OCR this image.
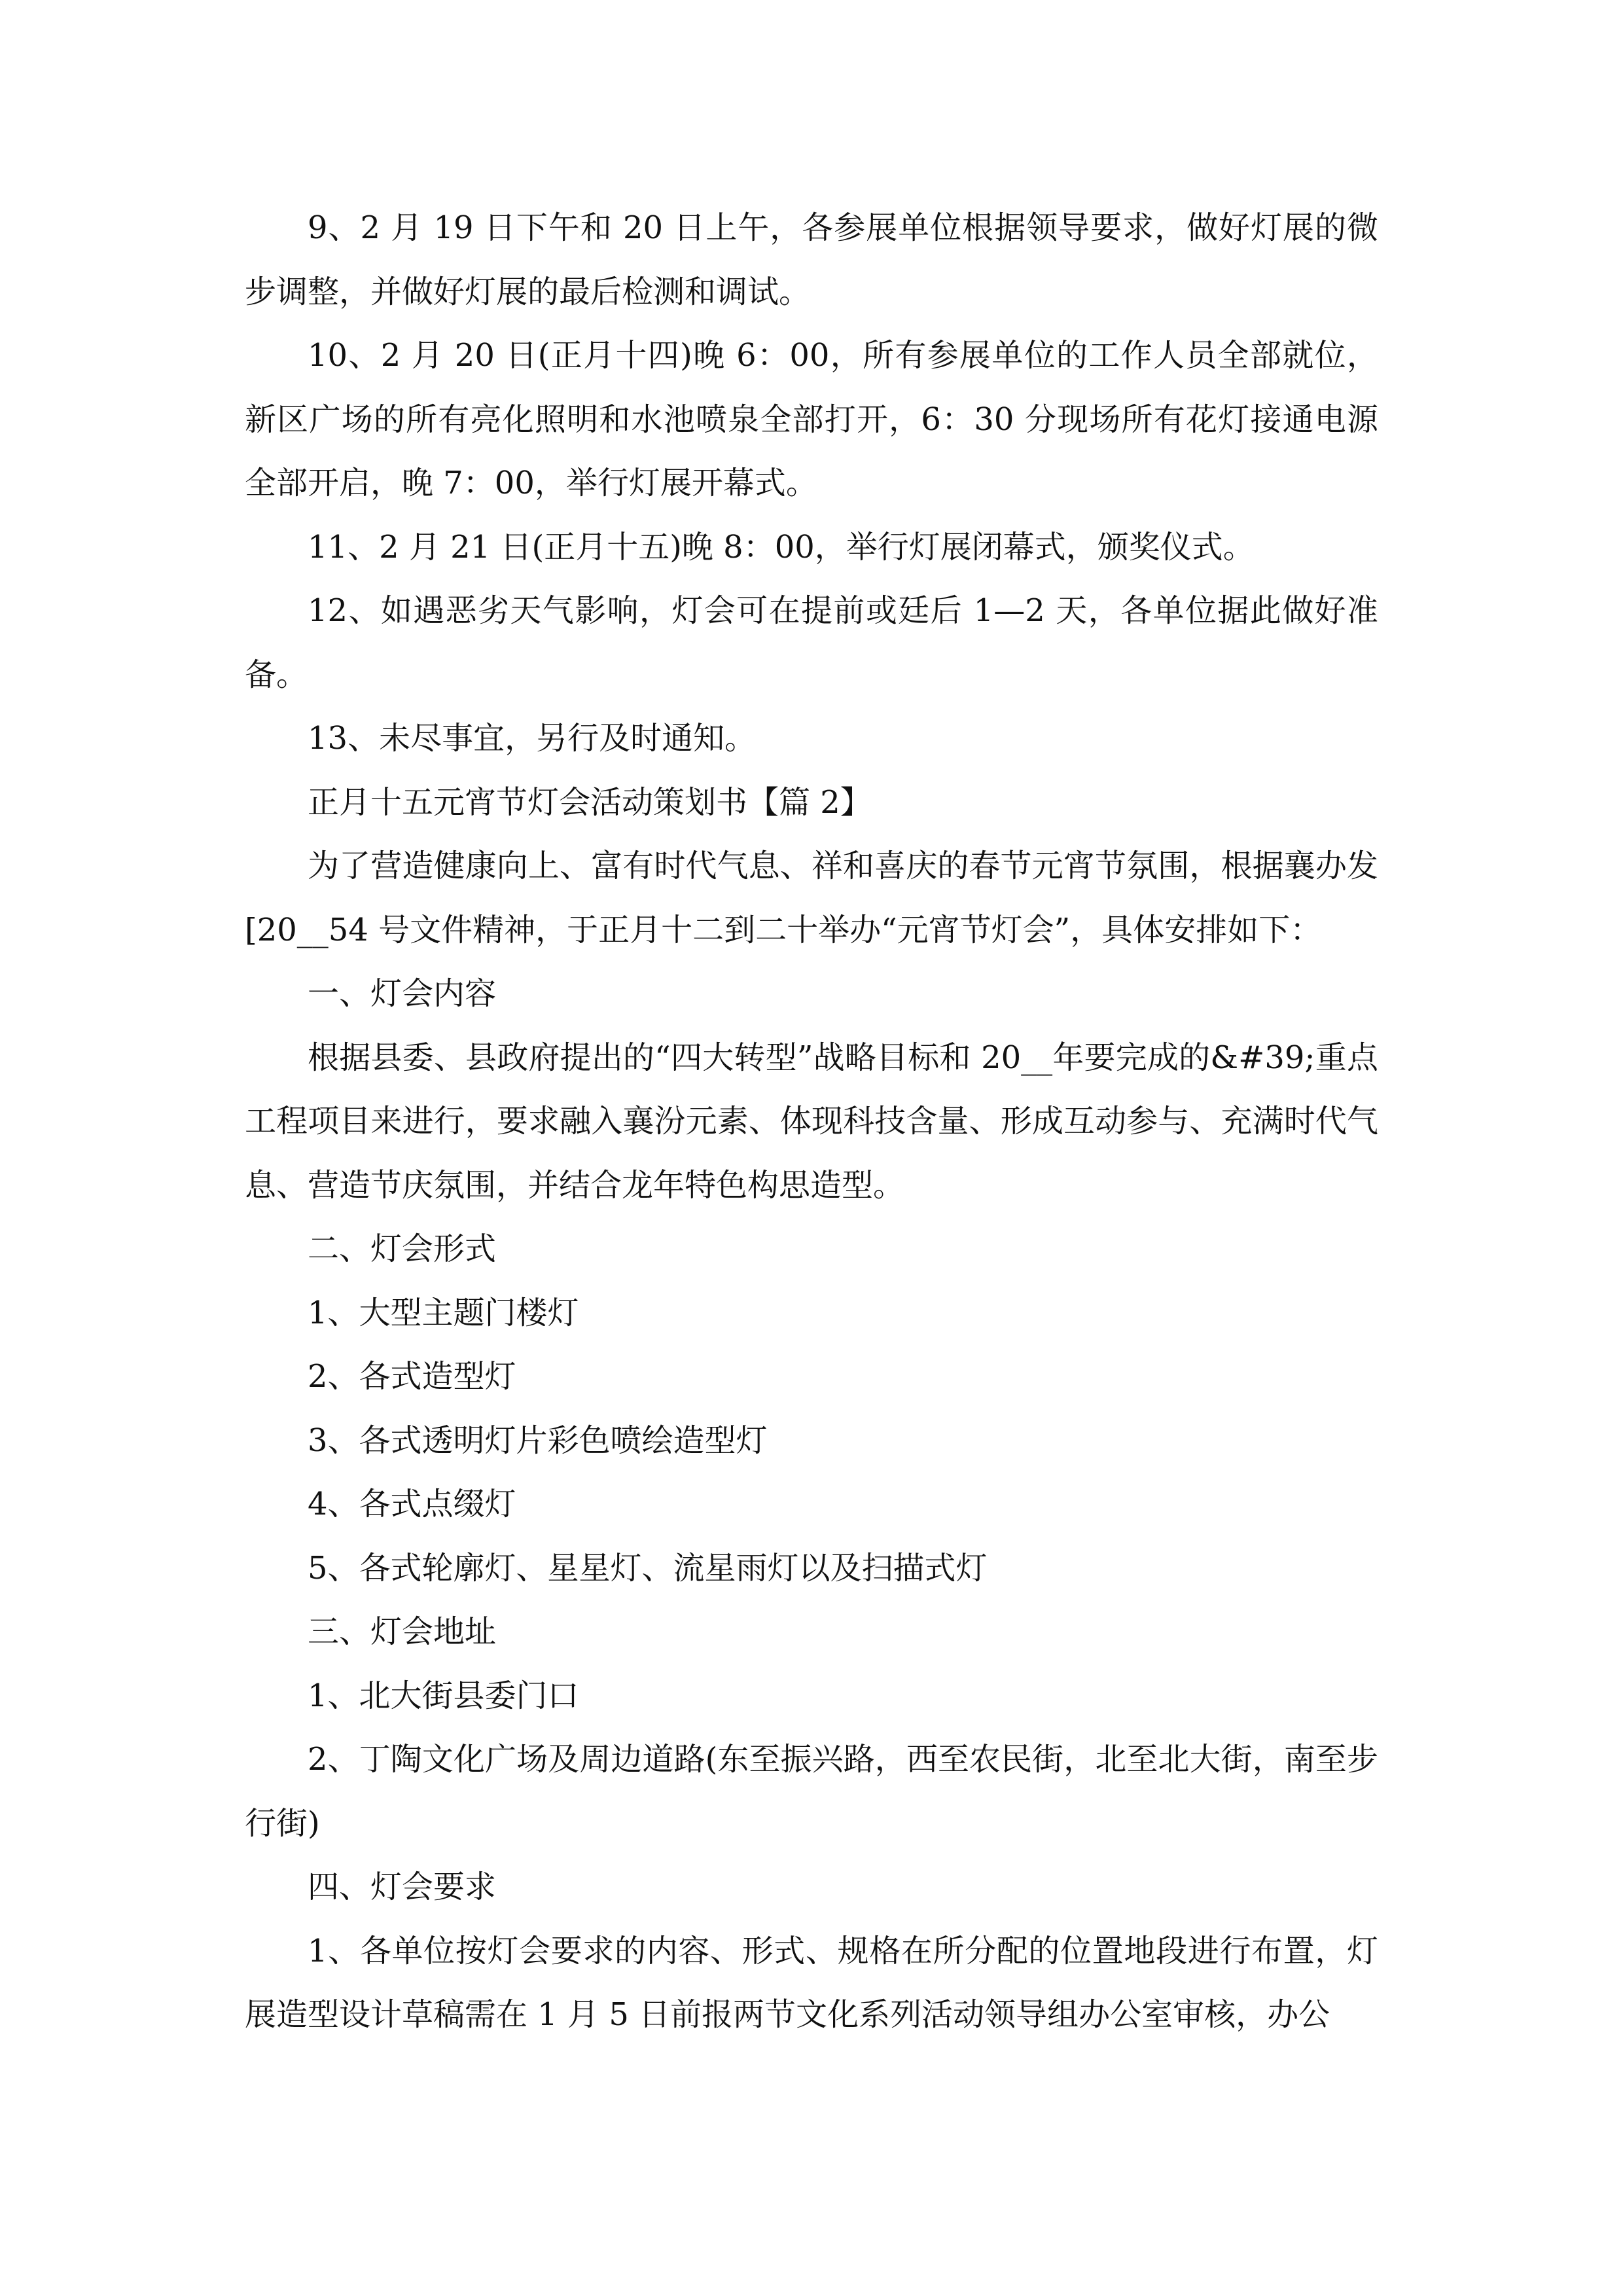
9、2 月 19 日下午和 20 日上午，各参展单位根据领导要求，做好灯展的微步调整，并做好灯展的最后检测和调试。

10、2 月 20 日(正月十四)晚 6：00，所有参展单位的工作人员全部就位，新区广场的所有亮化照明和水池喷泉全部打开，6：30 分现场所有花灯接通电源全部开启，晚 7：00，举行灯展开幕式。

11、2 月 21 日(正月十五)晚 8：00，举行灯展闭幕式，颁奖仪式。

12、如遇恶劣天气影响，灯会可在提前或廷后 1—2 天，各单位据此做好准备。

13、未尽事宜，另行及时通知。

正月十五元宵节灯会活动策划书【篇 2】

为了营造健康向上、富有时代气息、祥和喜庆的春节元宵节氛围，根据襄办发[20__54 号文件精神，于正月十二到二十举办“元宵节灯会”，具体安排如下：

一、灯会内容

根据县委、县政府提出的“四大转型”战略目标和 20__年要完成的&#39;重点工程项目来进行，要求融入襄汾元素、体现科技含量、形成互动参与、充满时代气息、营造节庆氛围，并结合龙年特色构思造型。

二、灯会形式

1、大型主题门楼灯

2、各式造型灯

3、各式透明灯片彩色喷绘造型灯

4、各式点缀灯

5、各式轮廓灯、星星灯、流星雨灯以及扫描式灯

三、灯会地址

1、北大街县委门口

2、丁陶文化广场及周边道路(东至振兴路，西至农民街，北至北大街，南至步行街)

四、灯会要求

1、各单位按灯会要求的内容、形式、规格在所分配的位置地段进行布置，灯展造型设计草稿需在 1 月 5 日前报两节文化系列活动领导组办公室审核，办公
